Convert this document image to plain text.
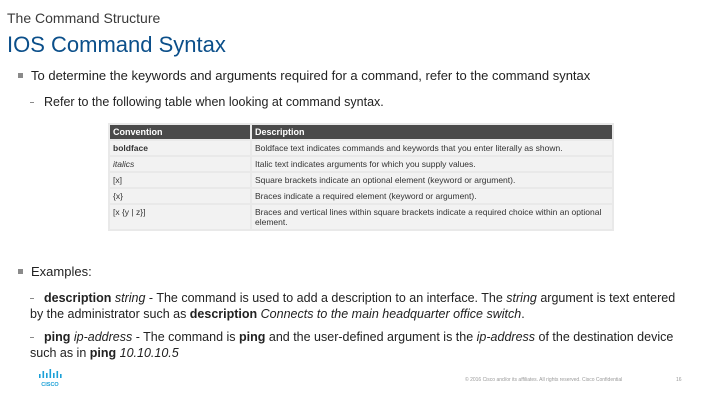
The Command Structure
IOS Command Syntax
To determine the keywords and arguments required for a command, refer to the command syntax
Refer to the following table when looking at command syntax.
Convention	Description
boldface	Boldface text indicates commands and keywords that you enter literally as shown.
italics	Italic text indicates arguments for which you supply values.
[x]	Square brackets indicate an optional element (keyword or argument).
{x}	Braces indicate a required element (keyword or argument).
[x {y | z}]	Braces and vertical lines within square brackets indicate a required choice within an optional element.
Examples:
description string - The command is used to add a description to an interface. The string argument is text entered by the administrator such as description Connects to the main headquarter office switch.
ping ip-address - The command is ping and the user-defined argument is the ip-address of the destination device such as in ping 10.10.10.5
CISCO
© 2016 Cisco and/or its affiliates. All rights reserved. Cisco Confidential	16
